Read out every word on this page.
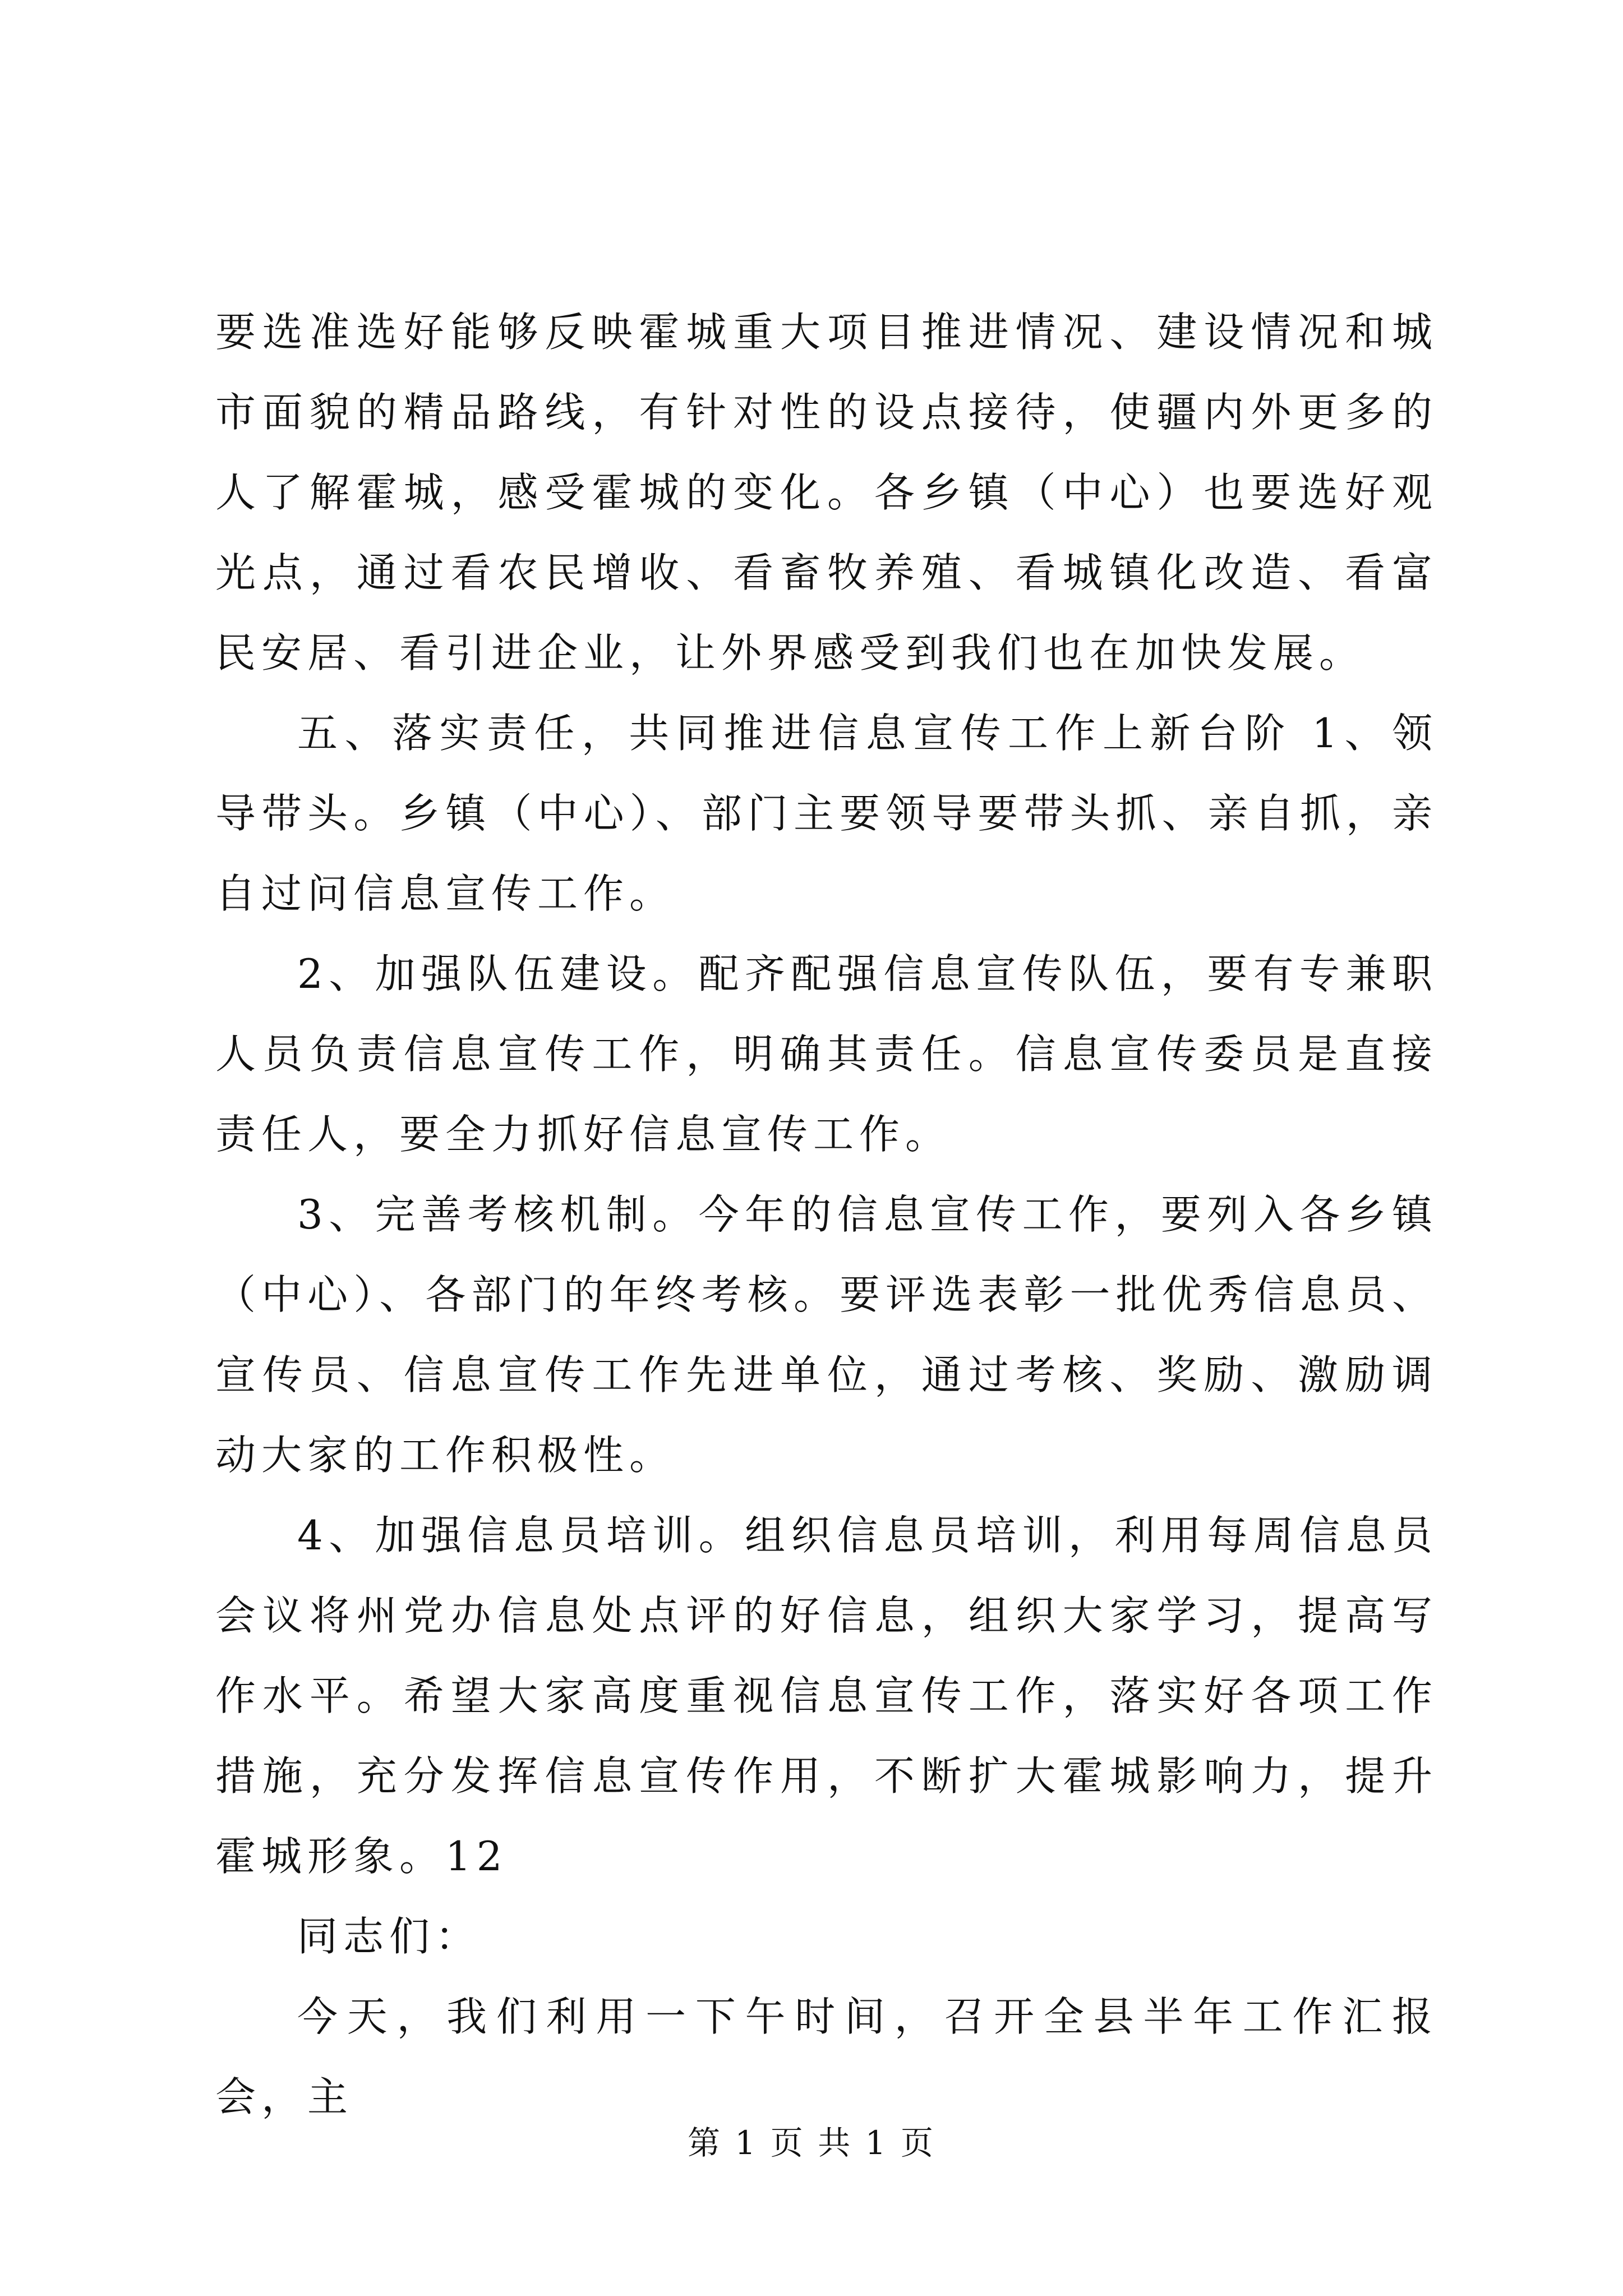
要选准选好能够反映霍城重大项目推进情况、建设情况和城市面貌的精品路线，有针对性的设点接待，使疆内外更多的人了解霍城，感受霍城的变化。各乡镇（中心）也要选好观光点，通过看农民增收、看畜牧养殖、看城镇化改造、看富民安居、看引进企业，让外界感受到我们也在加快发展。

五、落实责任，共同推进信息宣传工作上新台阶 1、领导带头。乡镇（中心）、部门主要领导要带头抓、亲自抓，亲自过问信息宣传工作。

2、加强队伍建设。配齐配强信息宣传队伍，要有专兼职人员负责信息宣传工作，明确其责任。信息宣传委员是直接责任人，要全力抓好信息宣传工作。

3、完善考核机制。今年的信息宣传工作，要列入各乡镇（中心）、各部门的年终考核。要评选表彰一批优秀信息员、宣传员、信息宣传工作先进单位，通过考核、奖励、激励调动大家的工作积极性。

4、加强信息员培训。组织信息员培训，利用每周信息员会议将州党办信息处点评的好信息，组织大家学习，提高写作水平。希望大家高度重视信息宣传工作，落实好各项工作措施，充分发挥信息宣传作用，不断扩大霍城影响力，提升霍城形象。12

同志们：

今天，我们利用一下午时间，召开全县半年工作汇报会，主

第 1 页 共 1 页
